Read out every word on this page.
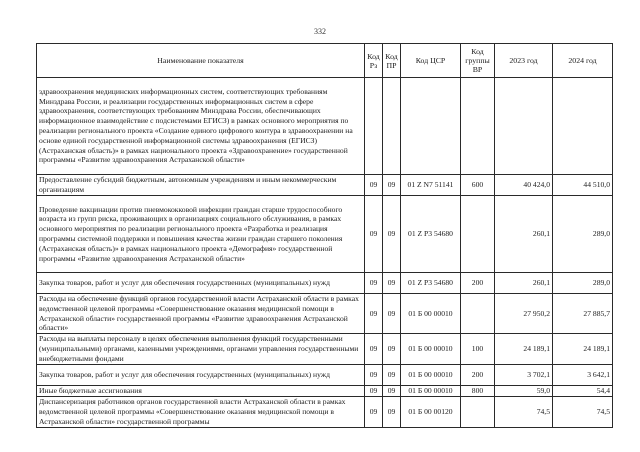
332
Наименование показателя	Код Рз	Код ПР	Код ЦСР	Код группы ВР	2023 год	2024 год
здравоохранения медицинских информационных систем, соответствующих требованиям Минздрава России, и реализации государственных информационных систем в сфере здравоохранения, соответствующих требованиям Минздрава России, обеспечивающих информационное взаимодействие с подсистемами ЕГИСЗ) в рамках основного мероприятия по реализации регионального проекта «Создание единого цифрового контура в здравоохранении на основе единой государственной информационной системы здравоохранения (ЕГИСЗ) (Астраханская область)» в рамках национального проекта «Здравоохранение» государственной программы «Развитие здравоохранения Астраханской области»						
Предоставление субсидий бюджетным, автономным учреждениям и иным некоммерческим организациям	09	09	01 Z N7 51141	600	40 424,0	44 510,0
Проведение вакцинации против пневмококковой инфекции граждан старше трудоспособного возраста из групп риска, проживающих в организациях социального обслуживания, в рамках основного мероприятия по реализации регионального проекта «Разработка и реализация программы системной поддержки и повышения качества жизни граждан старшего поколения (Астраханская область)» в рамках национального проекта «Демография» государственной программы «Развитие здравоохранения Астраханской области»	09	09	01 Z P3 54680		260,1	289,0
Закупка товаров, работ и услуг для обеспечения государственных (муниципальных) нужд	09	09	01 Z P3 54680	200	260,1	289,0
Расходы на обеспечение функций органов государственной власти Астраханской области в рамках ведомственной целевой программы «Совершенствование оказания медицинской помощи в Астраханской области» государственной программы «Развитие здравоохранения Астраханской области»	09	09	01 Б 00 00010		27 950,2	27 885,7
Расходы на выплаты персоналу в целях обеспечения выполнения функций государственными (муниципальными) органами, казенными учреждениями, органами управления государственными внебюджетными фондами	09	09	01 Б 00 00010	100	24 189,1	24 189,1
Закупка товаров, работ и услуг для обеспечения государственных (муниципальных) нужд	09	09	01 Б 00 00010	200	3 702,1	3 642,1
Иные бюджетные ассигнования	09	09	01 Б 00 00010	800	59,0	54,4
Диспансеризация работников органов государственной власти Астраханской области в рамках ведомственной целевой программы «Совершенствование оказания медицинской помощи в Астраханской области» государственной программы	09	09	01 Б 00 00120		74,5	74,5
